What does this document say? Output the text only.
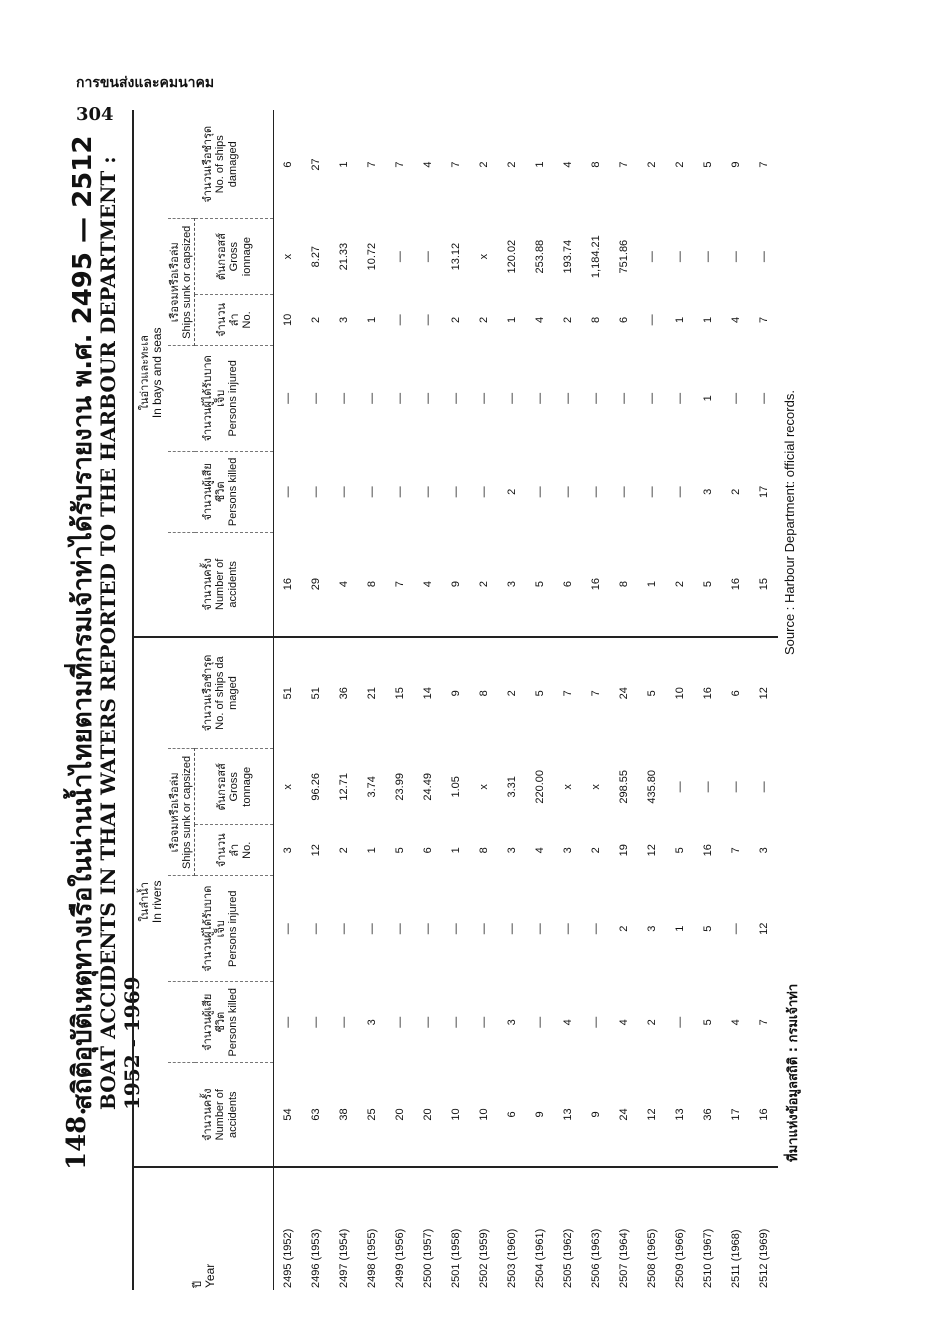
การขนส่งและคมนาคม
304
148.
สถิติอุบัติเหตุทางเรือในน่านน้ำไทยตามที่กรมเจ้าท่าได้รับรายงาน พ.ศ. 2495 — 2512
BOAT ACCIDENTS IN THAI WATERS REPORTED TO THE HARBOUR DEPARTMENT : 1952 - 1969
ปี Year	ในลำน้ำ In rivers						ในอ่าวและทะเล In bays and seas					

	จำนวนครั้ง Number of accidents	จำนวนผู้เสียชีวิต Persons killed	จำนวนผู้ได้รับบาดเจ็บ Persons injured	เรือจมหรือเรือล่ม Ships sunk or capsized		จำนวนเรือชำรุด No. of ships da maged	จำนวนครั้ง Number of accidents	จำนวนผู้เสียชีวิต Persons killed	จำนวนผู้ได้รับบาดเจ็บ Persons injured	เรือจมหรือเรือล่ม Ships sunk or capsized		จำนวนเรือชำรุด No. of ships damaged

				จำนวนลำ No.	ตันกรอสส์ Gross tonnage					จำนวนลำ No.	ตันกรอสส์ Gross ionnage	
2495 (1952)	54	—	—	3	x	51	16	—	—	10	x	6
2496 (1953)	63	—	—	12	96.26	51	29	—	—	2	8.27	27
2497 (1954)	38	—	—	2	12.71	36	4	—	—	3	21.33	1
2498 (1955)	25	3	—	1	3.74	21	8	—	—	1	10.72	7
2499 (1956)	20	—	—	5	23.99	15	7	—	—	—	—	7
2500 (1957)	20	—	—	6	24.49	14	4	—	—	—	—	4
2501 (1958)	10	—	—	1	1.05	9	9	—	—	2	13.12	7
2502 (1959)	10	—	—	8	x	8	2	—	—	2	x	2
2503 (1960)	6	3	—	3	3.31	2	3	2	—	1	120.02	2
2504 (1961)	9	—	—	4	220.00	5	5	—	—	4	253.88	1
2505 (1962)	13	4	—	3	x	7	6	—	—	2	193.74	4
2506 (1963)	9	—	—	2	x	7	16	—	—	8	1,184.21	8
2507 (1964)	24	4	2	19	298.55	24	8	—	—	6	751.86	7
2508 (1965)	12	2	3	12	435.80	5	1	—	—	—	—	2
2509 (1966)	13	—	1	5	—	10	2	—	—	1	—	2
2510 (1967)	36	5	5	16	—	16	5	3	1	1	—	5
2511 (1968)	17	4	—	7	—	6	16	2	—	4	—	9
2512 (1969)	16	7	12	3	—	12	15	17	—	7	—	7
ที่มาแห่งข้อมูลสถิติ : กรมเจ้าท่า
Source : Harbour Department: official records.
